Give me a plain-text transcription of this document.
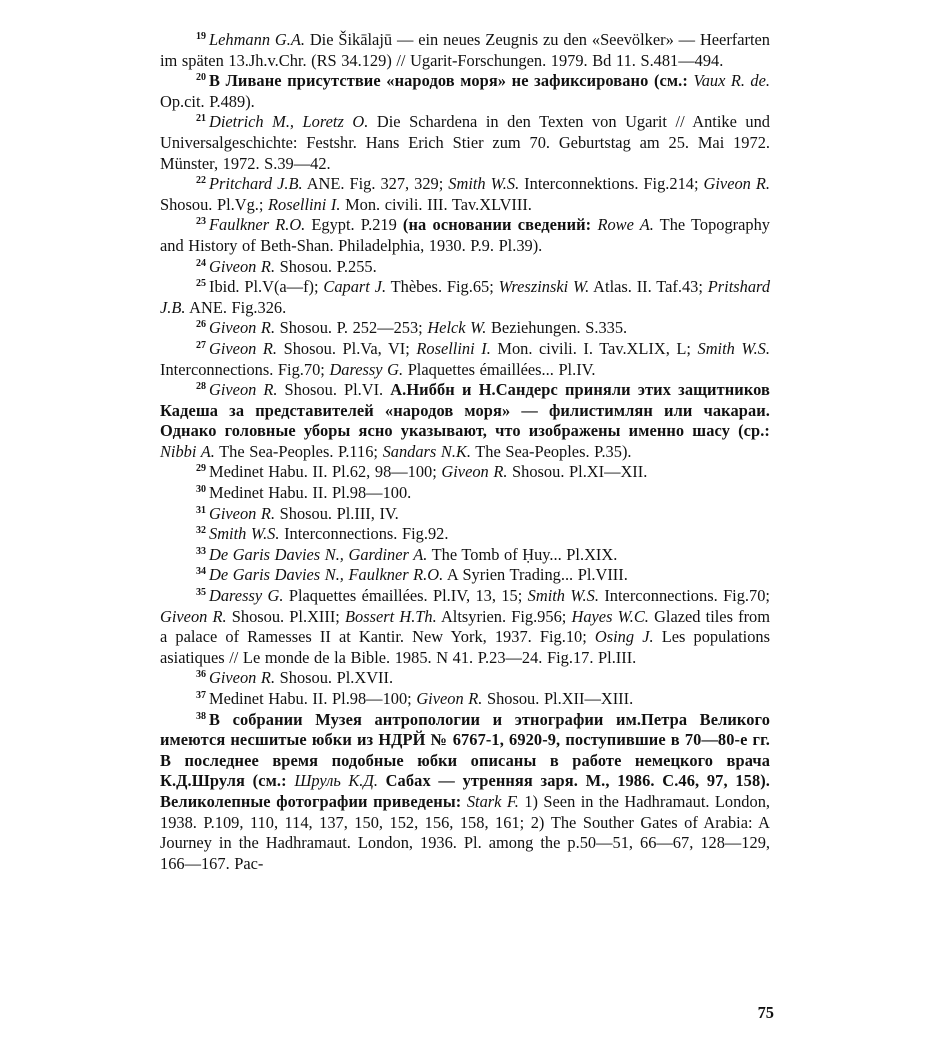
$^{19}$ Lehmann G.A. Die Šikālajū — ein neues Zeugnis zu den «Seevölker» — Heerfarten im späten 13.Jh.v.Chr. (RS 34.129) // Ugarit-Forschungen. 1979. Bd 11. S.481—494.

$^{20}$ В Ливане присутствие «народов моря» не зафиксировано (см.: Vaux R. de. Op.cit. P.489).

$^{21}$ Dietrich M., Loretz O. Die Schardena in den Texten von Ugarit // Antike und Universalgeschichte: Festshr. Hans Erich Stier zum 70. Geburtstag am 25. Mai 1972. Münster, 1972. S.39—42.

$^{22}$ Pritchard J.B. ANE. Fig. 327, 329; Smith W.S. Interconnektions. Fig.214; Giveon R. Shosou. Pl.Vg.; Rosellini I. Mon. civili. III. Tav.XLVIII.

$^{23}$ Faulkner R.O. Egypt. P.219 (на основании сведений: Rowe A. The Topography and History of Beth-Shan. Philadelphia, 1930. P.9. Pl.39).

$^{24}$ Giveon R. Shosou. P.255.

$^{25}$ Ibid. Pl.V(a—f); Capart J. Thèbes. Fig.65; Wreszinski W. Atlas. II. Taf.43; Pritshard J.B. ANE. Fig.326.

$^{26}$ Giveon R. Shosou. P. 252—253; Helck W. Beziehungen. S.335.

$^{27}$ Giveon R. Shosou. Pl.Va, VI; Rosellini I. Mon. civili. I. Tav.XLIX, L; Smith W.S. Interconnections. Fig.70; Daressy G. Plaquettes émaillées... Pl.IV.

$^{28}$ Giveon R. Shosou. Pl.VI. А.Ниббн и Н.Сандерс приняли этих защитников Кадеша за представителей «народов моря» — филистимлян или чакараи. Однако головные уборы ясно указывают, что изображены именно шасу (ср.: Nibbi A. The Sea-Peoples. P.116; Sandars N.K. The Sea-Peoples. P.35).

$^{29}$ Medinet Habu. II. Pl.62, 98—100; Giveon R. Shosou. Pl.XI—XII.

$^{30}$ Medinet Habu. II. Pl.98—100.

$^{31}$ Giveon R. Shosou. Pl.III, IV.

$^{32}$ Smith W.S. Interconnections. Fig.92.

$^{33}$ De Garis Davies N., Gardiner A. The Tomb of Ḥuy... Pl.XIX.

$^{34}$ De Garis Davies N., Faulkner R.O. A Syrien Trading... Pl.VIII.

$^{35}$ Daressy G. Plaquettes émaillées. Pl.IV, 13, 15; Smith W.S. Interconnections. Fig.70; Giveon R. Shosou. Pl.XIII; Bossert H.Th. Altsyrien. Fig.956; Hayes W.C. Glazed tiles from a palace of Ramesses II at Kantir. New York, 1937. Fig.10; Osing J. Les populations asiatiques // Le monde de la Bible. 1985. N 41. P.23—24. Fig.17. Pl.III.

$^{36}$ Giveon R. Shosou. Pl.XVII.

$^{37}$ Medinet Habu. II. Pl.98—100; Giveon R. Shosou. Pl.XII—XIII.

$^{38}$ В собрании Музея антропологии и этнографии им.Петра Великого имеются несшитые юбки из НДРЙ № 6767-1, 6920-9, поступившие в 70—80-е гг. В последнее время подобные юбки описаны в работе немецкого врача К.Д.Шруля (см.: Шруль К.Д. Сабах — утренняя заря. М., 1986. С.46, 97, 158). Великолепные фотографии приведены: Stark F. 1) Seen in the Hadhramaut. London, 1938. P.109, 110, 114, 137, 150, 152, 156, 158, 161; 2) The Souther Gates of Arabia: A Journey in the Hadhramaut. London, 1936. Pl. among the p.50—51, 66—67, 128—129, 166—167. Рас-

75
